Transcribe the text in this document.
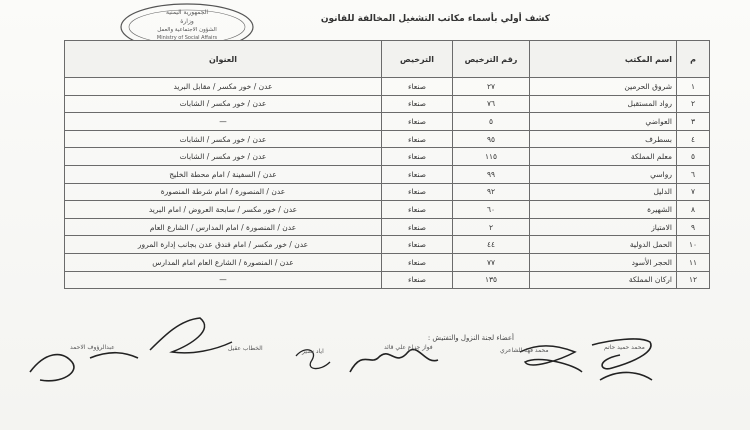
الجمهورية اليمنية
وزارة
الشؤون الاجتماعية والعمل
Ministry of Social Affairs
كشف أولي بأسماء مكاتب التشغيل المخالفة للقانون
م	اسم المكتب	رقم الترخيص	الترخيص	العنوان
١	شروق الحرمين	٢٧	صنعاء	عدن / خور مكسر / مقابل البريد
٢	رواد المستقبل	٧٦	صنعاء	عدن / خور مكسر / الشابات
٣	العواضي	٥	صنعاء	—
٤	بسطرف	٩٥	صنعاء	عدن / خور مكسر / الشابات
٥	معلم المملكة	١١٥	صنعاء	عدن / خور مكسر / الشابات
٦	رواسي	٩٩	صنعاء	عدن / السفينة / امام محطة الخليج
٧	الدليل	٩٢	صنعاء	عدن / المنصورة / امام شرطة المنصورة
٨	الشهيرة	٦٠	صنعاء	عدن / خور مكسر / سابحة العروض / امام البريد
٩	الامتياز	٢	صنعاء	عدن / المنصورة / امام المدارس / الشارع العام
١٠	الحمل الدولية	٤٤	صنعاء	عدن / خور مكسر / امام فندق عدن بجانب إدارة المرور
١١	الحجر الأسود	٧٧	صنعاء	عدن / المنصورة / الشارع العام امام المدارس
١٢	اركان المملكة	١٣٥	صنعاء	—
أعضاء لجنة النزول والتفتيش :
محمد حميد حاتم
محمد فهد الشاعري
فواز جزاع علي قائد
اياد نصير
الخطاب عقيل
عبدالرؤوف الاحمد
